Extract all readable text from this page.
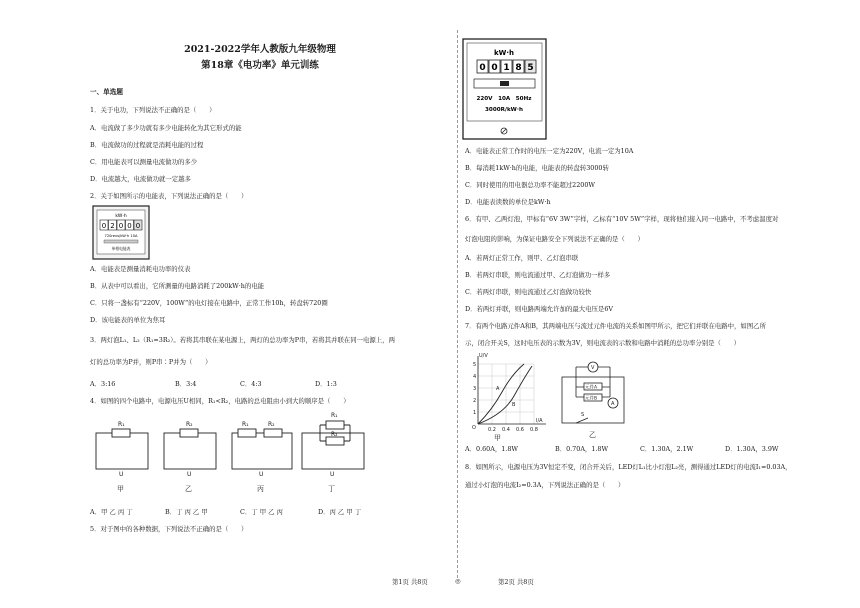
2021-2022学年人教版九年级物理
第18章《电功率》单元训练
一、单选题
1．关于电功，下列说法不正确的是（　　）
A．电流做了多少功就有多少电能转化为其它形式的能
B．电流做功的过程就是消耗电能的过程
C．用电能表可以测量电流做功的多少
D．电流越大，电流做功就一定越多
2．关于如图所示的电能表，下列说法正确的是（　　）
kW·h
0 2 0 0 0
720revs/kW·h 10A
单相电能表
A．电能表是测量消耗电功率的仪表
B．从表中可以看出，它所测量的电路消耗了200kW·h的电能
C．只将一盏标有“220V，100W”的电灯接在电路中，正常工作10h，转盘转720圈
D．该电能表的单位为焦耳
3．两灯泡L₁、L₂（R₁=3R₂）。若将其串联在某电源上，两灯的总功率为P串，若将其并联在同一电源上，两
灯的总功率为P并，则P串∶P并为（　　）
A．3:16	B．3:4	C．4:3	D．1:3
4．如图的四个电路中，电源电压U相同，R₁<R₂，电路的总电阻由小到大的顺序是（　　）
R₁	R₂	R₁	R₂
R₁
R₂
U	U	U	U
甲	乙	丙	丁
A．甲 乙 丙 丁	B．丁 丙 乙 甲	C．丁 甲 乙 丙	D．丙 乙 甲 丁
5．对于图中的各种数据，下列说法不正确的是（　　）
kW·h
0 0 1 8 5
220V　10A　50Hz
3000R/kW·h
A．电能表正常工作时的电压一定为220V，电流一定为10A
B．每消耗1kW·h的电能，电能表的转盘转3000转
C．同时使用的用电器总功率不能超过2200W
D．电能表读数的单位是kW·h
6．有甲、乙两灯泡，甲标有“6V 3W”字样，乙标有“10V 5W”字样，现将他们接入同一电路中，不考虑温度对
灯泡电阻的影响，为保证电路安全下列说法不正确的是（　　）
A．若两灯正常工作，则甲、乙灯泡串联
B．若两灯串联，则电流通过甲、乙灯泡做功一样多
C．若两灯串联，则电流通过乙灯泡做功较快
D．若两灯并联，则电路两端允许加的最大电压是6V
7．有两个电路元件A和B，其两端电压与流过元件电流的关系如图甲所示，把它们并联在电路中，如图乙所
示，闭合开关S，这时电压表的示数为3V，则电流表的示数和电路中消耗的总功率分别是（　　）
U/V
I/A
O 0.2 0.4 0.6 0.8
1
2
3
4
5
A
B
甲
V
A
元件A
元件B
S
乙
A．0.60A，1.8W	B．0.70A，1.8W	C．1.30A，2.1W	D．1.30A，3.9W
8．如图所示，电源电压为3V恒定不变，闭合开关后，LED灯L₁比小灯泡L₂亮，测得通过LED灯的电流I₁=0.03A，
通过小灯泡的电流I₂=0.3A，下列说法正确的是（　　）
第1页 共8页	◎	第2页 共8页
